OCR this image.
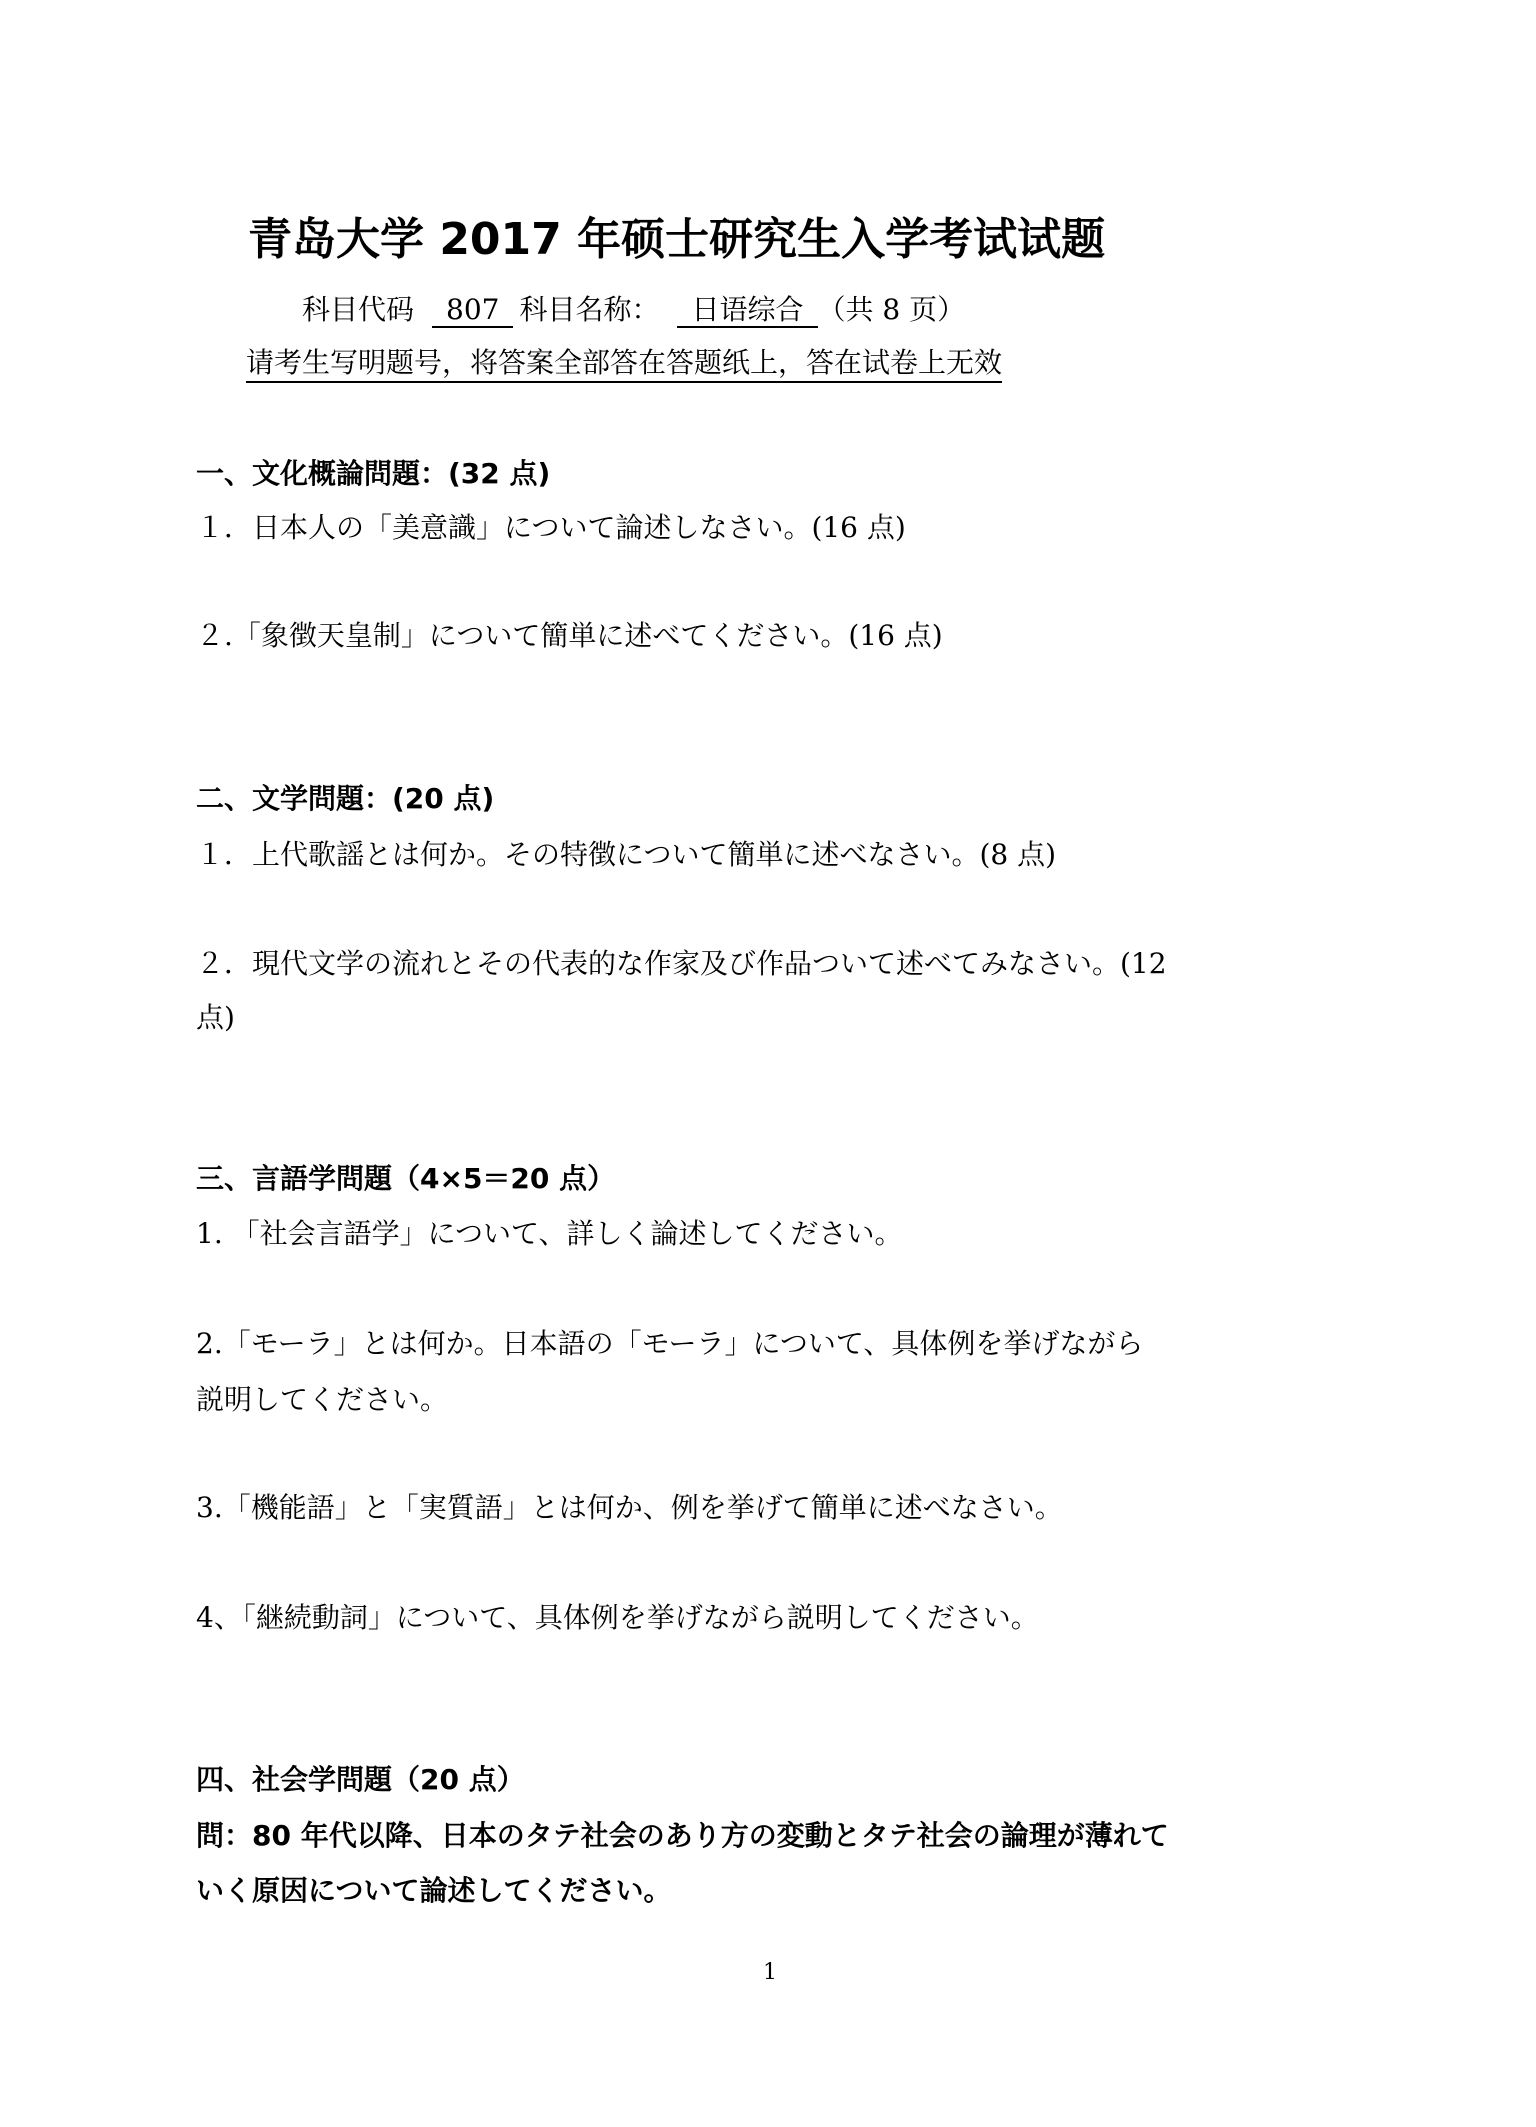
青岛大学 2017 年硕士研究生入学考试试题
科目代码 807 科目名称： 日语综合 （共 8 页）
请考生写明题号，将答案全部答在答题纸上，答在试卷上无效
一、文化概論問題：(32 点)
１．日本人の「美意識」について論述しなさい。(16 点)
２.「象徴天皇制」について簡単に述べてください。(16 点)
二、文学問題：(20 点)
１．上代歌謡とは何か。その特徴について簡単に述べなさい。(8 点)
２．現代文学の流れとその代表的な作家及び作品ついて述べてみなさい。(12
点)
三、言語学問題（4×5＝20 点）
1. 「社会言語学」について、詳しく論述してください。
2.「モーラ」とは何か。日本語の「モーラ」について、具体例を挙げながら
説明してください。
3.「機能語」と「実質語」とは何か、例を挙げて簡単に述べなさい。
4、「継続動詞」について、具体例を挙げながら説明してください。
四、社会学問題（20 点）
問：80 年代以降、日本のタテ社会のあり方の変動とタテ社会の論理が薄れて
いく原因について論述してください。
1
